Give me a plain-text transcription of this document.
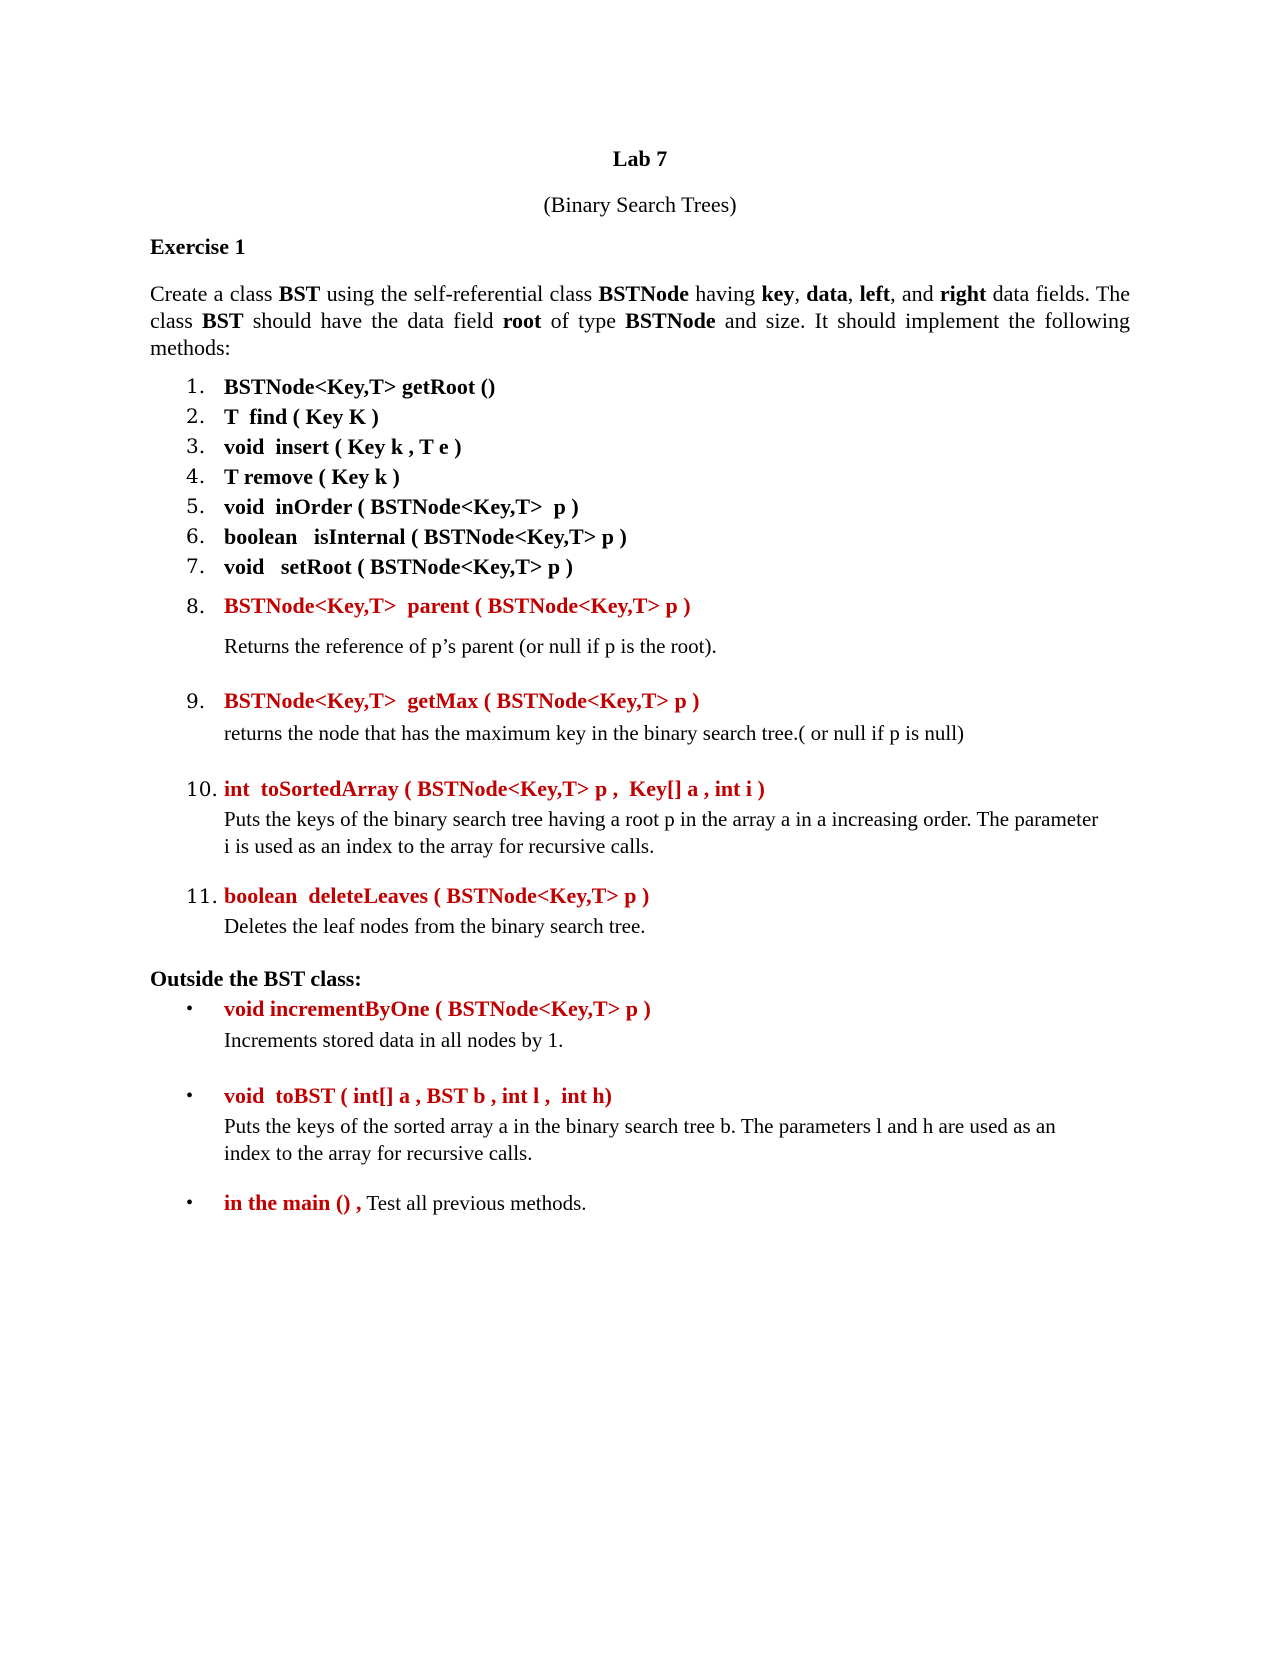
Lab 7
(Binary Search Trees)
Exercise 1
Create a class BST using the self-referential class BSTNode having key, data, left, and right data fields. The class BST should have the data field root of type BSTNode and size. It should implement the following methods:
1. BSTNode<Key,T> getRoot ()
2. T  find ( Key K )
3. void  insert ( Key k , T e )
4. T remove ( Key k )
5. void  inOrder ( BSTNode<Key,T>  p )
6. boolean   isInternal ( BSTNode<Key,T> p )
7. void   setRoot ( BSTNode<Key,T> p )
8. BSTNode<Key,T>  parent ( BSTNode<Key,T> p )
Returns the reference of p’s parent (or null if p is the root).
9. BSTNode<Key,T>  getMax ( BSTNode<Key,T> p )
returns the node that has the maximum key in the binary search tree.( or null if p is null)
10. int  toSortedArray ( BSTNode<Key,T> p ,  Key[] a , int i )
Puts the keys of the binary search tree having a root p in the array a in a increasing order. The parameter i is used as an index to the array for recursive calls.
11. boolean  deleteLeaves ( BSTNode<Key,T> p )
Deletes the leaf nodes from the binary search tree.
Outside the BST class:
• void incrementByOne ( BSTNode<Key,T> p )
Increments stored data in all nodes by 1.
• void  toBST ( int[] a , BST b , int l ,  int h)
Puts the keys of the sorted array a in the binary search tree b. The parameters l and h are used as an index to the array for recursive calls.
• in the main () , Test all previous methods.
